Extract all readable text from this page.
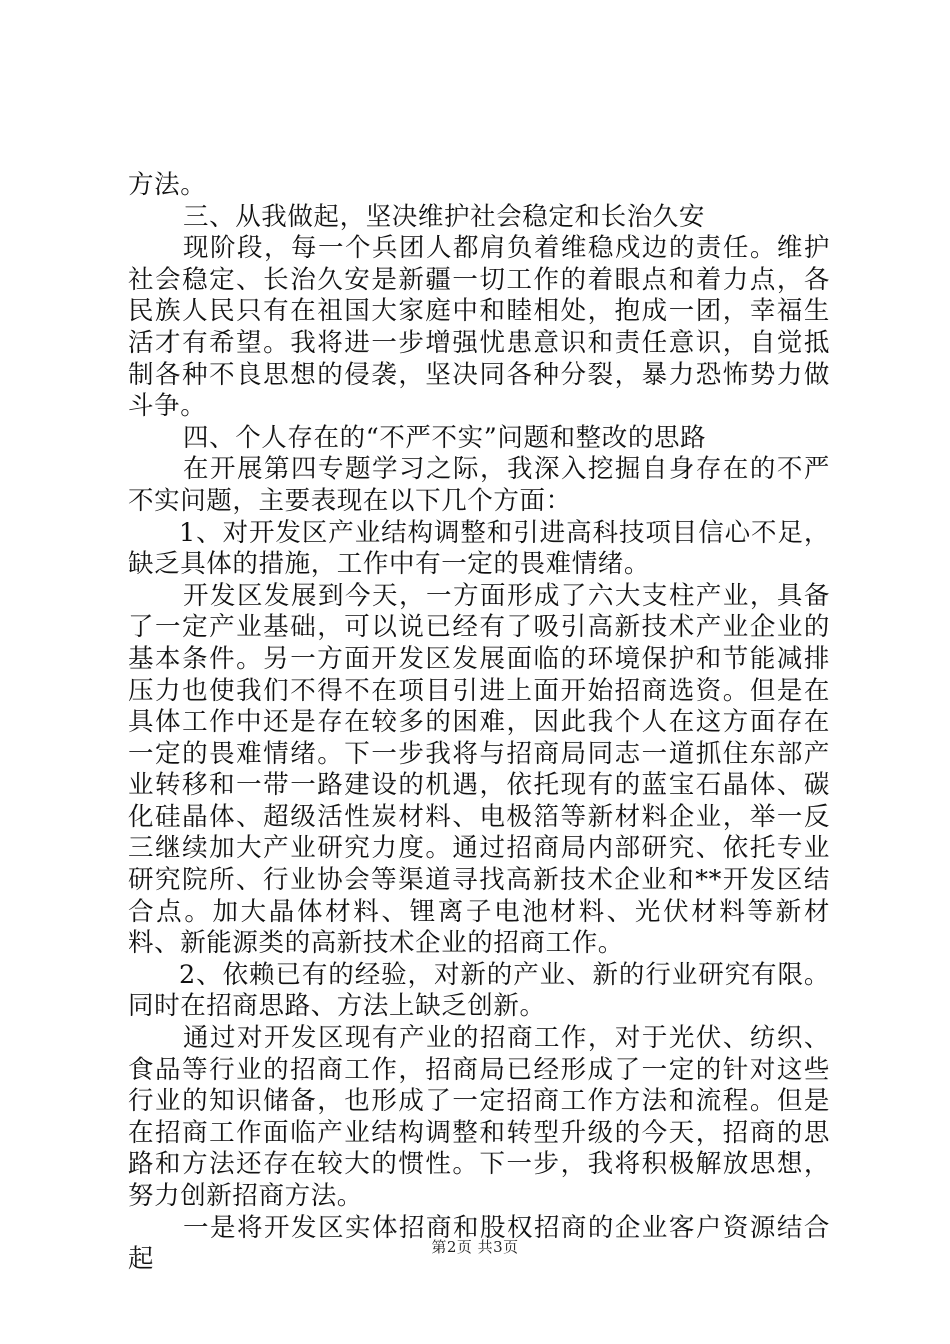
方法。

三、从我做起，坚决维护社会稳定和长治久安

现阶段，每一个兵团人都肩负着维稳戍边的责任。维护社会稳定、长治久安是新疆一切工作的着眼点和着力点，各民族人民只有在祖国大家庭中和睦相处，抱成一团，幸福生活才有希望。我将进一步增强忧患意识和责任意识，自觉抵制各种不良思想的侵袭，坚决同各种分裂，暴力恐怖势力做斗争。

四、个人存在的“不严不实”问题和整改的思路

在开展第四专题学习之际，我深入挖掘自身存在的不严不实问题，主要表现在以下几个方面：

1、对开发区产业结构调整和引进高科技项目信心不足，缺乏具体的措施，工作中有一定的畏难情绪。

开发区发展到今天，一方面形成了六大支柱产业，具备了一定产业基础，可以说已经有了吸引高新技术产业企业的基本条件。另一方面开发区发展面临的环境保护和节能减排压力也使我们不得不在项目引进上面开始招商选资。但是在具体工作中还是存在较多的困难，因此我个人在这方面存在一定的畏难情绪。下一步我将与招商局同志一道抓住东部产业转移和一带一路建设的机遇，依托现有的蓝宝石晶体、碳化硅晶体、超级活性炭材料、电极箔等新材料企业，举一反三继续加大产业研究力度。通过招商局内部研究、依托专业研究院所、行业协会等渠道寻找高新技术企业和**开发区结合点。加大晶体材料、锂离子电池材料、光伏材料等新材料、新能源类的高新技术企业的招商工作。

2、依赖已有的经验，对新的产业、新的行业研究有限。同时在招商思路、方法上缺乏创新。

通过对开发区现有产业的招商工作，对于光伏、纺织、食品等行业的招商工作，招商局已经形成了一定的针对这些行业的知识储备，也形成了一定招商工作方法和流程。但是在招商工作面临产业结构调整和转型升级的今天，招商的思路和方法还存在较大的惯性。下一步，我将积极解放思想，努力创新招商方法。

一是将开发区实体招商和股权招商的企业客户资源结合起	第2页 共3页
